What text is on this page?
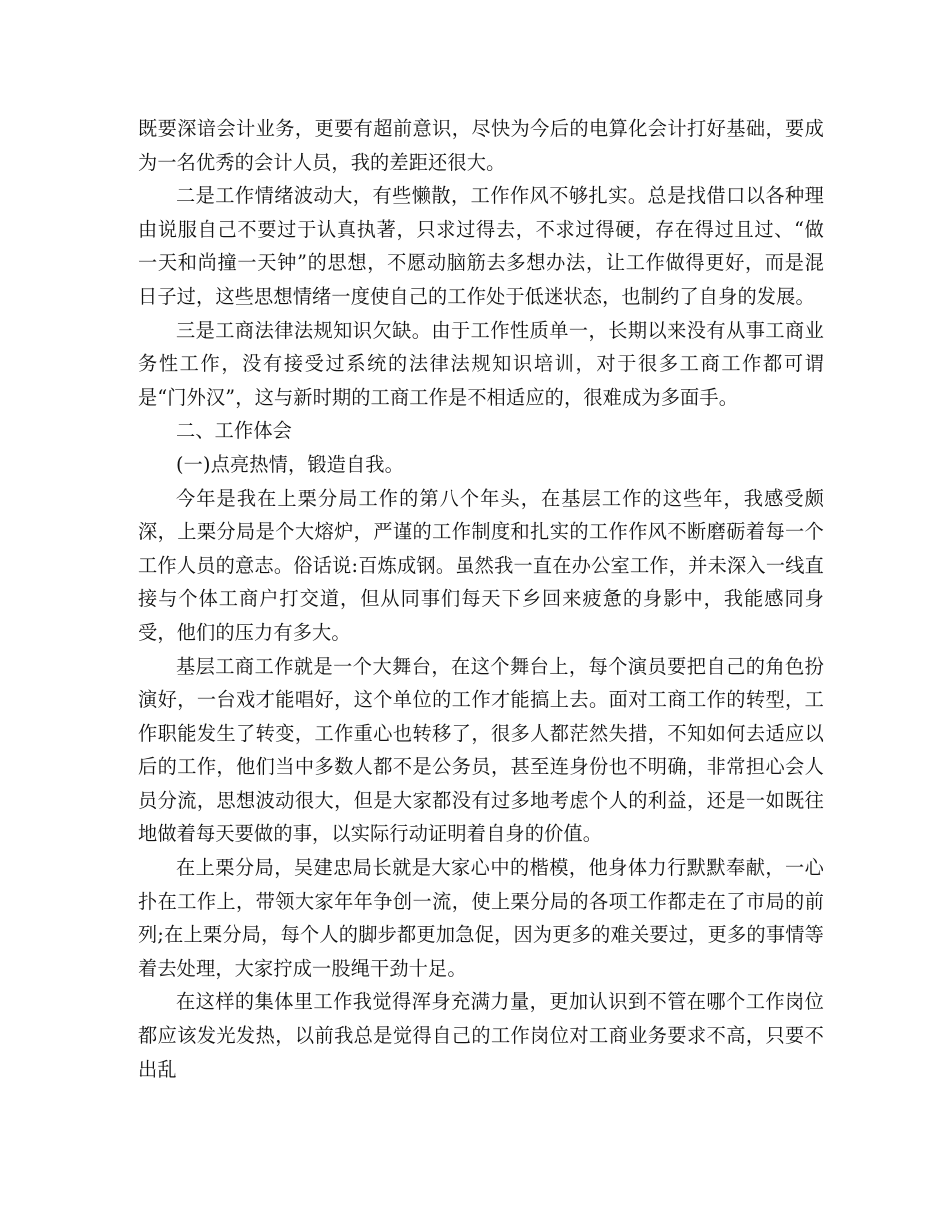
既要深谙会计业务，更要有超前意识，尽快为今后的电算化会计打好基础，要成为一名优秀的会计人员，我的差距还很大。

二是工作情绪波动大，有些懒散，工作作风不够扎实。总是找借口以各种理由说服自己不要过于认真执著，只求过得去，不求过得硬，存在得过且过、“做一天和尚撞一天钟”的思想，不愿动脑筋去多想办法，让工作做得更好，而是混日子过，这些思想情绪一度使自己的工作处于低迷状态，也制约了自身的发展。

三是工商法律法规知识欠缺。由于工作性质单一，长期以来没有从事工商业务性工作，没有接受过系统的法律法规知识培训，对于很多工商工作都可谓是“门外汉”，这与新时期的工商工作是不相适应的，很难成为多面手。

二、工作体会

(一)点亮热情，锻造自我。

今年是我在上栗分局工作的第八个年头，在基层工作的这些年，我感受颇深，上栗分局是个大熔炉，严谨的工作制度和扎实的工作作风不断磨砺着每一个工作人员的意志。俗话说:百炼成钢。虽然我一直在办公室工作，并未深入一线直接与个体工商户打交道，但从同事们每天下乡回来疲惫的身影中，我能感同身受，他们的压力有多大。

基层工商工作就是一个大舞台，在这个舞台上，每个演员要把自己的角色扮演好，一台戏才能唱好，这个单位的工作才能搞上去。面对工商工作的转型，工作职能发生了转变，工作重心也转移了，很多人都茫然失措，不知如何去适应以后的工作，他们当中多数人都不是公务员，甚至连身份也不明确，非常担心会人员分流，思想波动很大，但是大家都没有过多地考虑个人的利益，还是一如既往地做着每天要做的事，以实际行动证明着自身的价值。

在上栗分局，吴建忠局长就是大家心中的楷模，他身体力行默默奉献，一心扑在工作上，带领大家年年争创一流，使上栗分局的各项工作都走在了市局的前列;在上栗分局，每个人的脚步都更加急促，因为更多的难关要过，更多的事情等着去处理，大家拧成一股绳干劲十足。

在这样的集体里工作我觉得浑身充满力量，更加认识到不管在哪个工作岗位都应该发光发热，以前我总是觉得自己的工作岗位对工商业务要求不高，只要不出乱
